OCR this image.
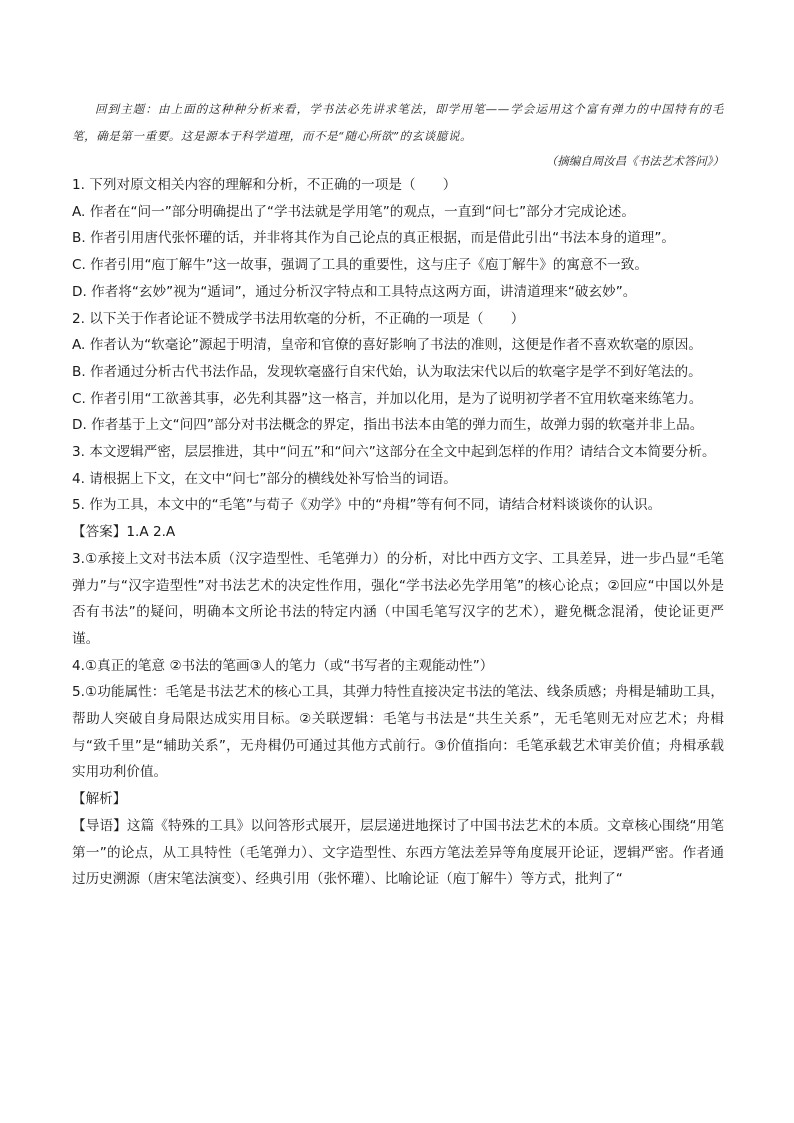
回到主题：由上面的这种种分析来看，学书法必先讲求笔法，即学用笔——学会运用这个富有弹力的中国特有的毛笔，确是第一重要。这是源本于科学道理，而不是“随心所欲”的玄谈臆说。

（摘编自周汝昌《书法艺术答问》）

1. 下列对原文相关内容的理解和分析，不正确的一项是（　　）

A. 作者在“问一”部分明确提出了“学书法就是学用笔”的观点，一直到“问七”部分才完成论述。

B. 作者引用唐代张怀瓘的话，并非将其作为自己论点的真正根据，而是借此引出“书法本身的道理”。

C. 作者引用“庖丁解牛”这一故事，强调了工具的重要性，这与庄子《庖丁解牛》的寓意不一致。

D. 作者将“玄妙”视为“遁词”，通过分析汉字特点和工具特点这两方面，讲清道理来“破玄妙”。

2. 以下关于作者论证不赞成学书法用软毫的分析，不正确的一项是（　　）

A. 作者认为“软毫论”源起于明清，皇帝和官僚的喜好影响了书法的准则，这便是作者不喜欢软毫的原因。

B. 作者通过分析古代书法作品，发现软毫盛行自宋代始，认为取法宋代以后的软毫字是学不到好笔法的。

C. 作者引用“工欲善其事，必先利其器”这一格言，并加以化用，是为了说明初学者不宜用软毫来练笔力。

D. 作者基于上文“问四”部分对书法概念的界定，指出书法本由笔的弹力而生，故弹力弱的软毫并非上品。

3. 本文逻辑严密，层层推进，其中“问五”和“问六”这部分在全文中起到怎样的作用？请结合文本简要分析。

4. 请根据上下文，在文中“问七”部分的横线处补写恰当的词语。

5. 作为工具，本文中的“毛笔”与荀子《劝学》中的“舟楫”等有何不同，请结合材料谈谈你的认识。

【答案】1.A 2.A

3.①承接上文对书法本质（汉字造型性、毛笔弹力）的分析，对比中西方文字、工具差异，进一步凸显“毛笔弹力”与“汉字造型性”对书法艺术的决定性作用，强化“学书法必先学用笔”的核心论点；②回应“中国以外是否有书法”的疑问，明确本文所论书法的特定内涵（中国毛笔写汉字的艺术），避免概念混淆，使论证更严谨。

4.①真正的笔意 ②书法的笔画③人的笔力（或“书写者的主观能动性”）

5.①功能属性：毛笔是书法艺术的核心工具，其弹力特性直接决定书法的笔法、线条质感；舟楫是辅助工具，帮助人突破自身局限达成实用目标。②关联逻辑：毛笔与书法是“共生关系”，无毛笔则无对应艺术；舟楫与“致千里”是“辅助关系”，无舟楫仍可通过其他方式前行。③价值指向：毛笔承载艺术审美价值；舟楫承载实用功利价值。

【解析】

【导语】这篇《特殊的工具》以问答形式展开，层层递进地探讨了中国书法艺术的本质。文章核心围绕“用笔第一”的论点，从工具特性（毛笔弹力）、文字造型性、东西方笔法差异等角度展开论证，逻辑严密。作者通过历史溯源（唐宋笔法演变）、经典引用（张怀瓘）、比喻论证（庖丁解牛）等方式，批判了“
